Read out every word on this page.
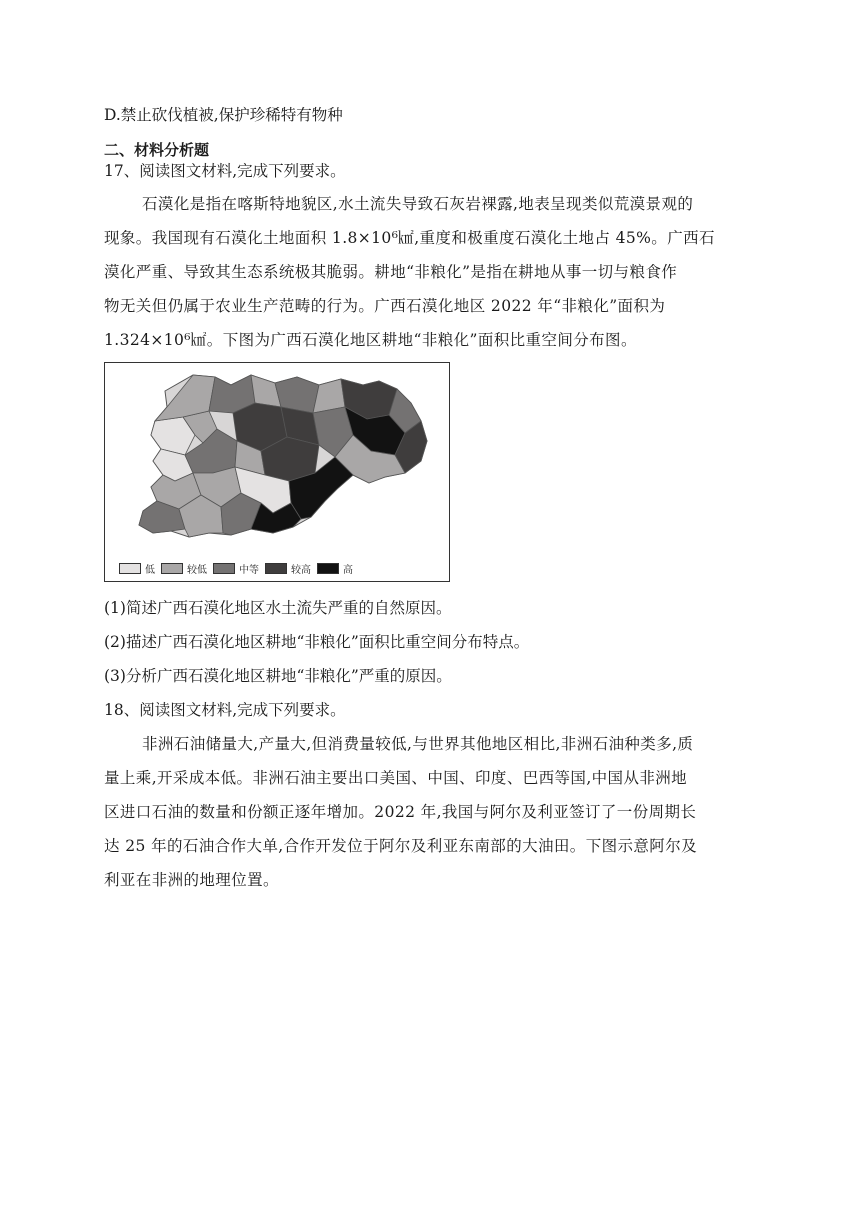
D.禁止砍伐植被,保护珍稀特有物种
二、材料分析题
17、阅读图文材料,完成下列要求。
石漠化是指在喀斯特地貌区,水土流失导致石灰岩裸露,地表呈现类似荒漠景观的
现象。我国现有石漠化土地面积 1.8×10⁶㎢,重度和极重度石漠化土地占 45%。广西石
漠化严重、导致其生态系统极其脆弱。耕地“非粮化”是指在耕地从事一切与粮食作
物无关但仍属于农业生产范畴的行为。广西石漠化地区 2022 年“非粮化”面积为
1.324×10⁶㎢。下图为广西石漠化地区耕地“非粮化”面积比重空间分布图。
低	较低	中等	较高	高
(1)简述广西石漠化地区水土流失严重的自然原因。
(2)描述广西石漠化地区耕地“非粮化”面积比重空间分布特点。
(3)分析广西石漠化地区耕地“非粮化”严重的原因。
18、阅读图文材料,完成下列要求。
非洲石油储量大,产量大,但消费量较低,与世界其他地区相比,非洲石油种类多,质
量上乘,开采成本低。非洲石油主要出口美国、中国、印度、巴西等国,中国从非洲地
区进口石油的数量和份额正逐年增加。2022 年,我国与阿尔及利亚签订了一份周期长
达 25 年的石油合作大单,合作开发位于阿尔及利亚东南部的大油田。下图示意阿尔及
利亚在非洲的地理位置。
